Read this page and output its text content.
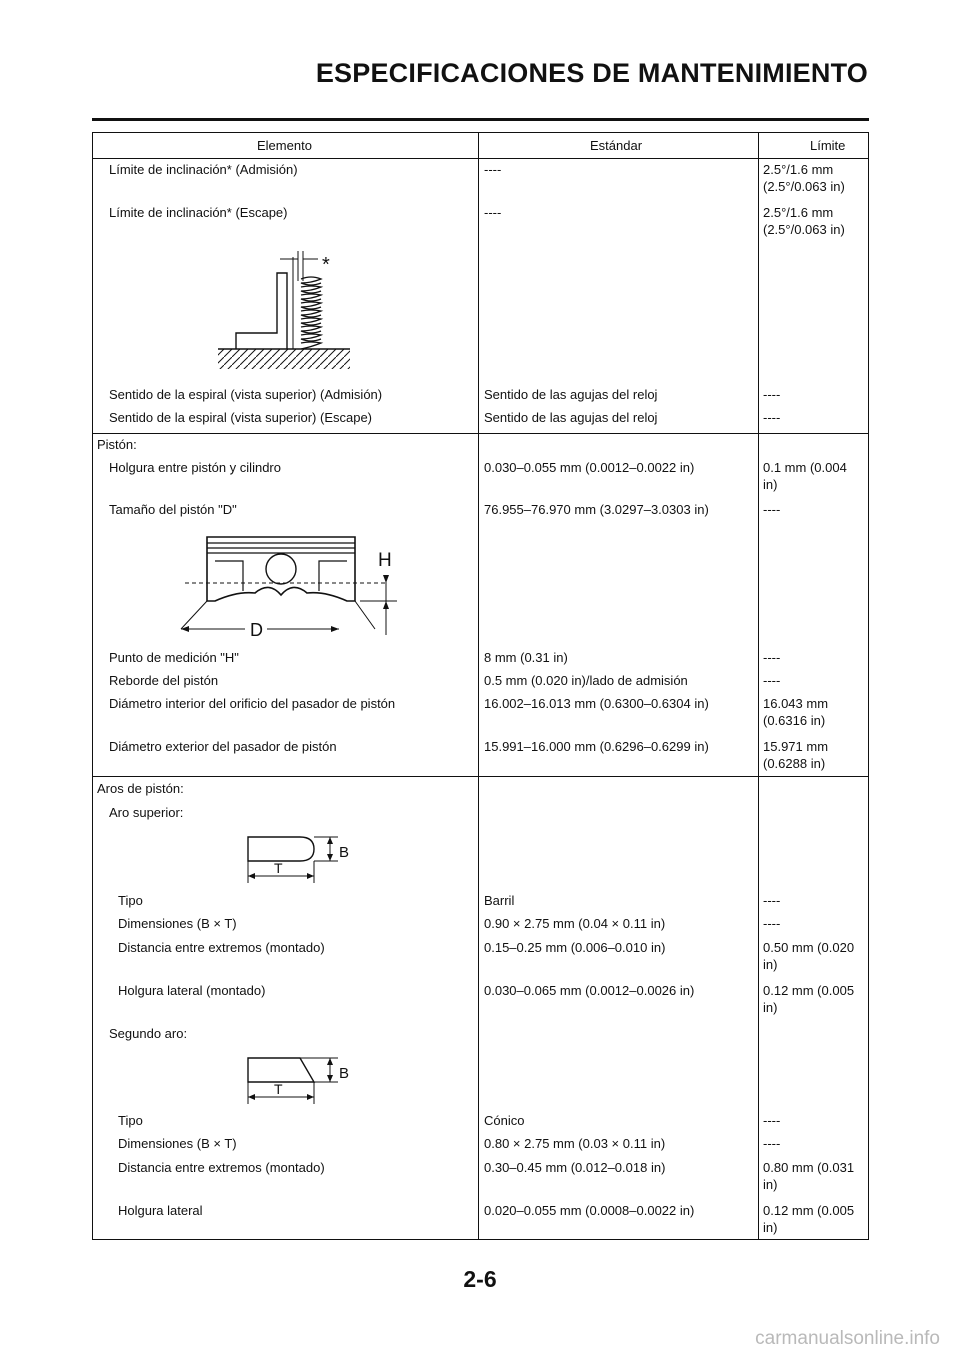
ESPECIFICACIONES DE MANTENIMIENTO
Elemento	Estándar	Límite
Límite de inclinación* (Admisión)	----	2.5°/1.6 mm
(2.5°/0.063 in)
Límite de inclinación* (Escape)	----	2.5°/1.6 mm
(2.5°/0.063 in)
*
Sentido de la espiral (vista superior) (Admisión)	Sentido de las agujas del reloj	----
Sentido de la espiral (vista superior) (Escape)	Sentido de las agujas del reloj	----
Pistón:
Holgura entre pistón y cilindro	0.030–0.055 mm (0.0012–0.0022 in)	0.1 mm (0.004
in)
Tamaño del pistón "D"	76.955–76.970 mm (3.0297–3.0303 in)	----
H
D
Punto de medición "H"	8 mm (0.31 in)	----
Reborde del pistón	0.5 mm (0.020 in)/lado de admisión	----
Diámetro interior del orificio del pasador de pistón	16.002–16.013 mm (0.6300–0.6304 in)	16.043 mm
(0.6316 in)
Diámetro exterior del pasador de pistón	15.991–16.000 mm (0.6296–0.6299 in)	15.971 mm
(0.6288 in)
Aros de pistón:
Aro superior:
B
T
Tipo	Barril	----
Dimensiones (B × T)	0.90 × 2.75 mm (0.04 × 0.11 in)	----
Distancia entre extremos (montado)	0.15–0.25 mm (0.006–0.010 in)	0.50 mm (0.020
in)
Holgura lateral (montado)	0.030–0.065 mm (0.0012–0.0026 in)	0.12 mm (0.005
in)
Segundo aro:
B
T
Tipo	Cónico	----
Dimensiones (B × T)	0.80 × 2.75 mm (0.03 × 0.11 in)	----
Distancia entre extremos (montado)	0.30–0.45 mm (0.012–0.018 in)	0.80 mm (0.031
in)
Holgura lateral	0.020–0.055 mm (0.0008–0.0022 in)	0.12 mm (0.005
in)
2-6
carmanualsonline.info
